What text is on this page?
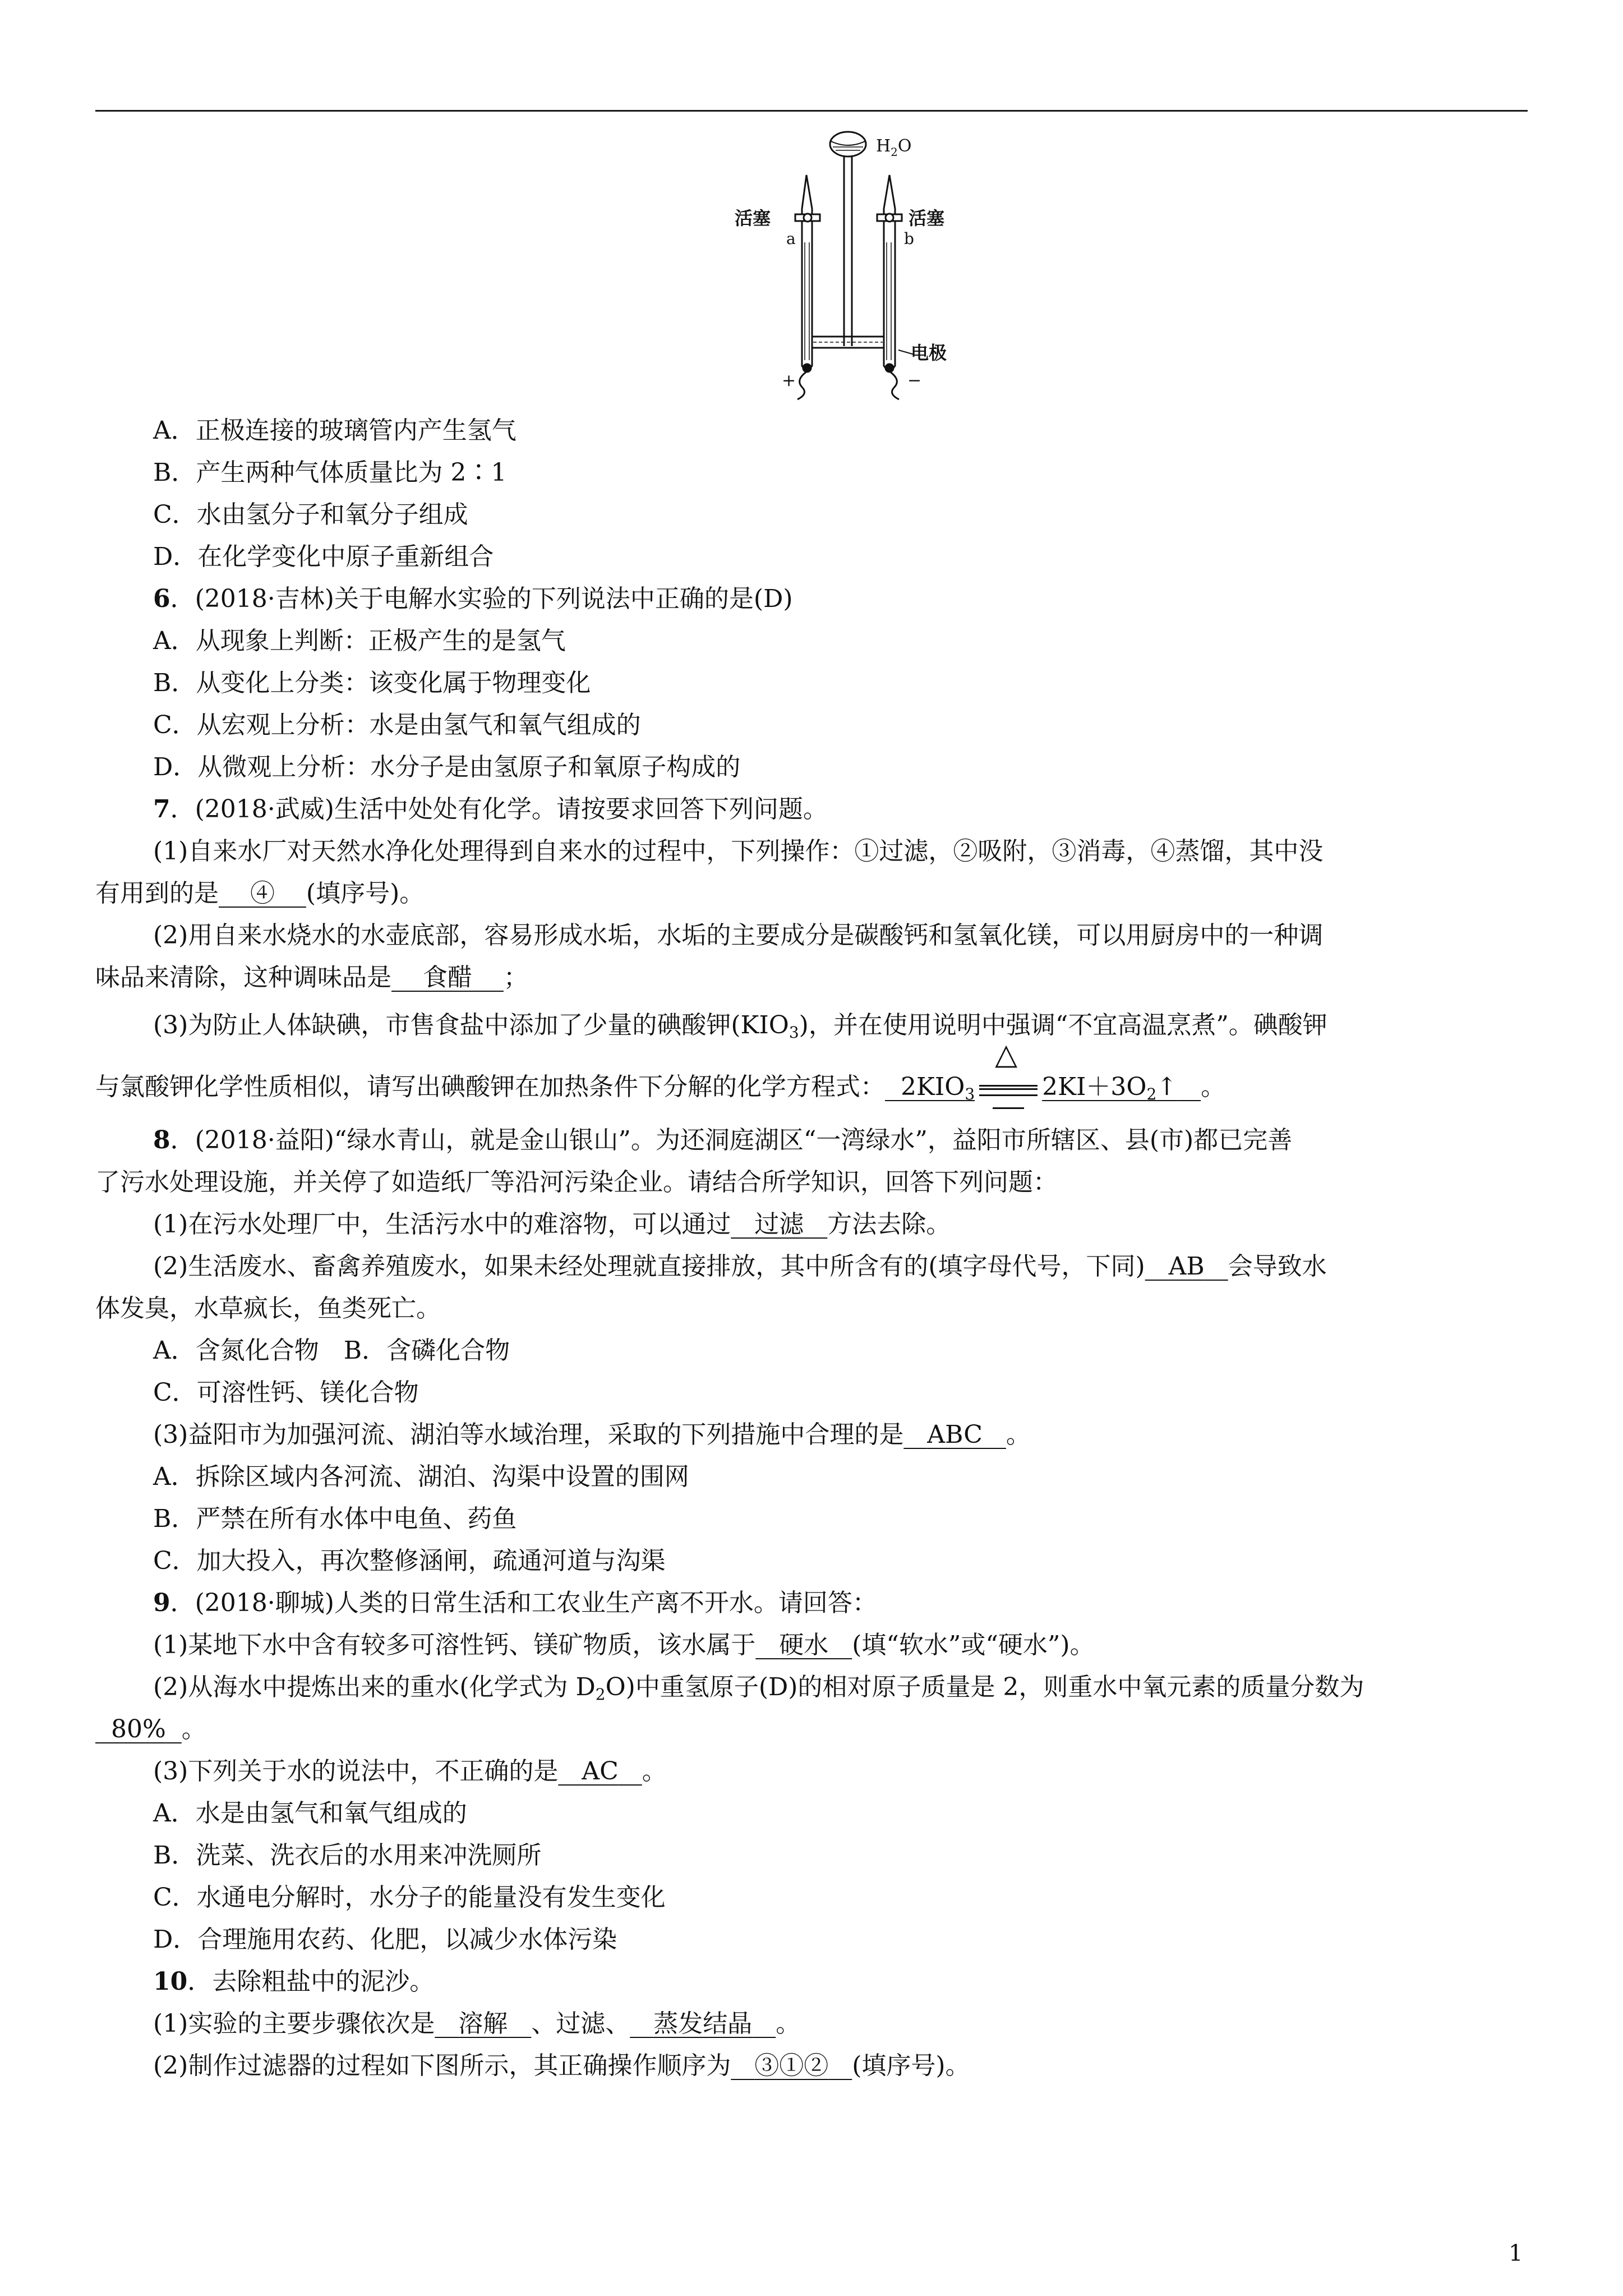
$H_2O$
活塞	活塞
a	b
电极
+	−
A．正极连接的玻璃管内产生氢气
B．产生两种气体质量比为 2∶1
C．水由氢分子和氧分子组成
D．在化学变化中原子重新组合
6．(2018·吉林)关于电解水实验的下列说法中正确的是(D)
A．从现象上判断：正极产生的是氢气
B．从变化上分类：该变化属于物理变化
C．从宏观上分析：水是由氢气和氧气组成的
D．从微观上分析：水分子是由氢原子和氧原子构成的
7．(2018·武威)生活中处处有化学。请按要求回答下列问题。
(1)自来水厂对天然水净化处理得到自来水的过程中，下列操作：①过滤，②吸附，③消毒，④蒸馏，其中没
有用到的是 ④ (填序号)。
(2)用自来水烧水的水壶底部，容易形成水垢，水垢的主要成分是碳酸钙和氢氧化镁，可以用厨房中的一种调
味品来清除，这种调味品是 食醋 ；
(3)为防止人体缺碘，市售食盐中添加了少量的碘酸钾$(KIO_3)$，并在使用说明中强调“不宜高温烹煮”。碘酸钾
与氯酸钾化学性质相似，请写出碘酸钾在加热条件下分解的化学方程式： $2KIO_3$
△
$2KI+3O_2↑$ 。
8．(2018·益阳)“绿水青山，就是金山银山”。为还洞庭湖区“一湾绿水”，益阳市所辖区、县(市)都已完善
了污水处理设施，并关停了如造纸厂等沿河污染企业。请结合所学知识，回答下列问题：
(1)在污水处理厂中，生活污水中的难溶物，可以通过 过滤 方法去除。
(2)生活废水、畜禽养殖废水，如果未经处理就直接排放，其中所含有的(填字母代号，下同) AB 会导致水
体发臭，水草疯长，鱼类死亡。
A．含氮化合物　B．含磷化合物
C．可溶性钙、镁化合物
(3)益阳市为加强河流、湖泊等水域治理，采取的下列措施中合理的是 ABC 。
A．拆除区域内各河流、湖泊、沟渠中设置的围网
B．严禁在所有水体中电鱼、药鱼
C．加大投入，再次整修涵闸，疏通河道与沟渠
9．(2018·聊城)人类的日常生活和工农业生产离不开水。请回答：
(1)某地下水中含有较多可溶性钙、镁矿物质，该水属于 硬水 (填“软水”或“硬水”)。
(2)从海水中提炼出来的重水(化学式为 $D_2O$)中重氢原子(D)的相对原子质量是 2，则重水中氧元素的质量分数为
80% 。
(3)下列关于水的说法中，不正确的是 AC 。
A．水是由氢气和氧气组成的
B．洗菜、洗衣后的水用来冲洗厕所
C．水通电分解时，水分子的能量没有发生变化
D．合理施用农药、化肥，以减少水体污染
10．去除粗盐中的泥沙。
(1)实验的主要步骤依次是 溶解 、过滤、 蒸发结晶 。
(2)制作过滤器的过程如下图所示，其正确操作顺序为 ③①② (填序号)。
1
